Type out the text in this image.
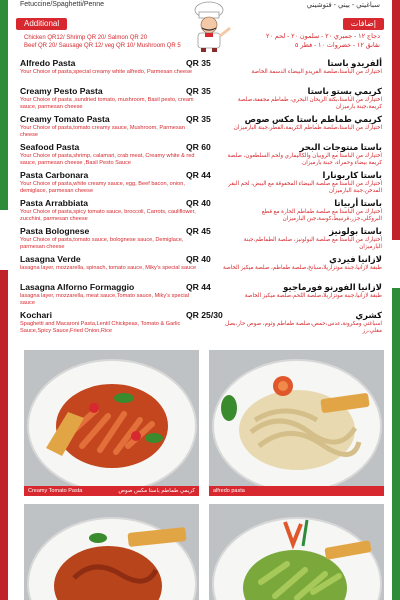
Fetuccine/Spaghetti/Penne	سباغيتي - بيني - فتوشيني
Additional	إضافات
Chicken QR12/ Shrimp QR 20/ Salmon QR 20
Beef QR 20/ Sausage QR 12/ veg QR 10/ Mushroom QR 5
دجاج ١٢ - جمبري ٢٠ - سلمون ٢٠ - لحم ٢٠
نقانق ١٢ - خضروات ١٠ - فطر ٥
Alfredo Pasta	QR 35
Your Choice of pasta,special creamy white alfredo, Parmesan cheese
ألفريدو باستا
اختيارك من الباستا،صلصة الفريدو البيضاء الدسمة الخاصة
Creamy Pesto Pasta	QR 35
Your Choice of pasta ,sundried tomato, mushroom, Basil pesto, cream sauce, parmesan cheese
كريمي بستو باستا
اختيارك من الباستا،بكتة الريحان البحري، طماطم مجففة،صلصة كريمة،جبنة بارميزان
Creamy Tomato Pasta	QR 35
Your Choice of pasta,tomato creamy sauce, Mushroom, Parmesan cheese
كريمي طماطم باستا مكس صوص
اختيارك من الباستا،صلصة طماطم الكريمة،الفطر،جبنة البارميزان
Seafood Pasta	QR 60
Your Choice of pasta,shrimp, calamari, crab meat, Creamy white & red sauce, parmesan cheese ,Basil Pesto Sauce
باستا منتوجات البحر
اختيارك من الباستا مع الروبيان والكاليماري ولحم السلطعون، صلصة كريمة بيضاء وحمراء، جبنة بارميزان
Pasta Carbonara	QR 44
Your Choice of pasta,white creamy sauce, egg, Beef bacon, onion, demiglace, parmesan cheese
باستا كاربونارا
اختيارك من الباستا مع صلصة البيضاء المخفوقة مع البيض، لحم البقر المدخن،جبنة البارميزان
Pasta Arrabbiata	QR 40
Your Choice of pasta,spicy tomato sauce, broccoli, Carrots, cauliflower, zucchini, parmesan cheese
باستا أربياتا
اختيارك من الباستا مع صلصة طماطم الحارة مع قطع البروكلي،جزر،قرنبيط،كوسة،جبن البارميزان
Pasta Bolognese	QR 45
Your Choice of pasta,tomato sauce, bolognese sauce, Demiglace, parmesan cheese
باستا بولونيز
اختيارك من الباستا مع صلصة البولونيز، صلصة الطماطم،جبنة البارميزان
Lasagna Verde	QR 40
lasagna layer, mozzarella, spinach, tomato sauce, Miky's special sauce
لازانيا فيردي
طبقة لازانيا،جبنة موتزاريلا،سبانخ،صلصة طماطم، صلصة ميكيز الخاصة
Lasagna Alforno Formaggio	QR 44
lasagna layer, mozzarella, meat sauce,Tomato sauce, Miky's special sauce
لازانيا الفورنو فورماجيو
طبقة لازانيا،جبنة موتزاريلا،صلصة اللحم،صلصة ميكيز الخاصة
Kochari	QR 25/30
Spaghetti and Macaroni Pasta,Lentil Chickpeas, Tomato & Garlic Sauce,Spicy Sauce,Fried Onion,Rice
كشري
اسباغتي ومكرونة،عدس،حمص،صلصة طماطم وثوم، صوص حار،بصل مقلي،رز
Creamy Tomato Pasta	كريمي طماطم باستا مكس صوص	alfredo pasta
